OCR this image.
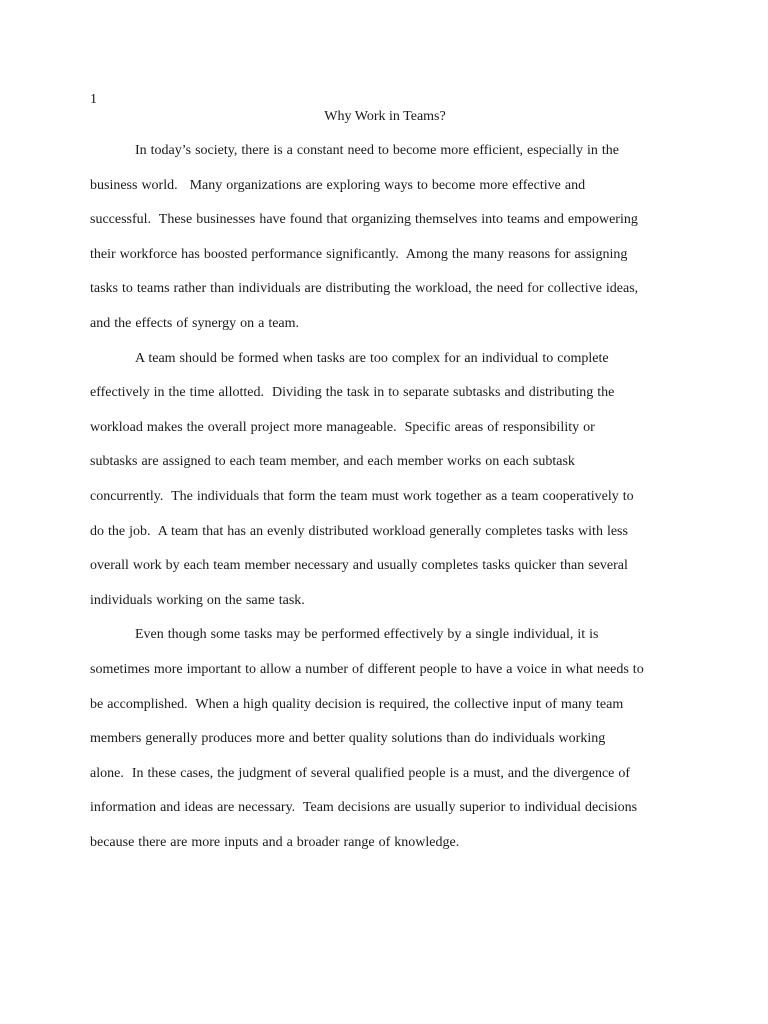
1

Why Work in Teams?
In today’s society, there is a constant need to become more efficient, especially in the
business world.   Many organizations are exploring ways to become more effective and
successful.  These businesses have found that organizing themselves into teams and empowering
their workforce has boosted performance significantly.  Among the many reasons for assigning
tasks to teams rather than individuals are distributing the workload, the need for collective ideas,
and the effects of synergy on a team.
A team should be formed when tasks are too complex for an individual to complete
effectively in the time allotted.  Dividing the task in to separate subtasks and distributing the
workload makes the overall project more manageable.  Specific areas of responsibility or
subtasks are assigned to each team member, and each member works on each subtask
concurrently.  The individuals that form the team must work together as a team cooperatively to
do the job.  A team that has an evenly distributed workload generally completes tasks with less
overall work by each team member necessary and usually completes tasks quicker than several
individuals working on the same task.
Even though some tasks may be performed effectively by a single individual, it is
sometimes more important to allow a number of different people to have a voice in what needs to
be accomplished.  When a high quality decision is required, the collective input of many team
members generally produces more and better quality solutions than do individuals working
alone.  In these cases, the judgment of several qualified people is a must, and the divergence of
information and ideas are necessary.  Team decisions are usually superior to individual decisions
because there are more inputs and a broader range of knowledge.
